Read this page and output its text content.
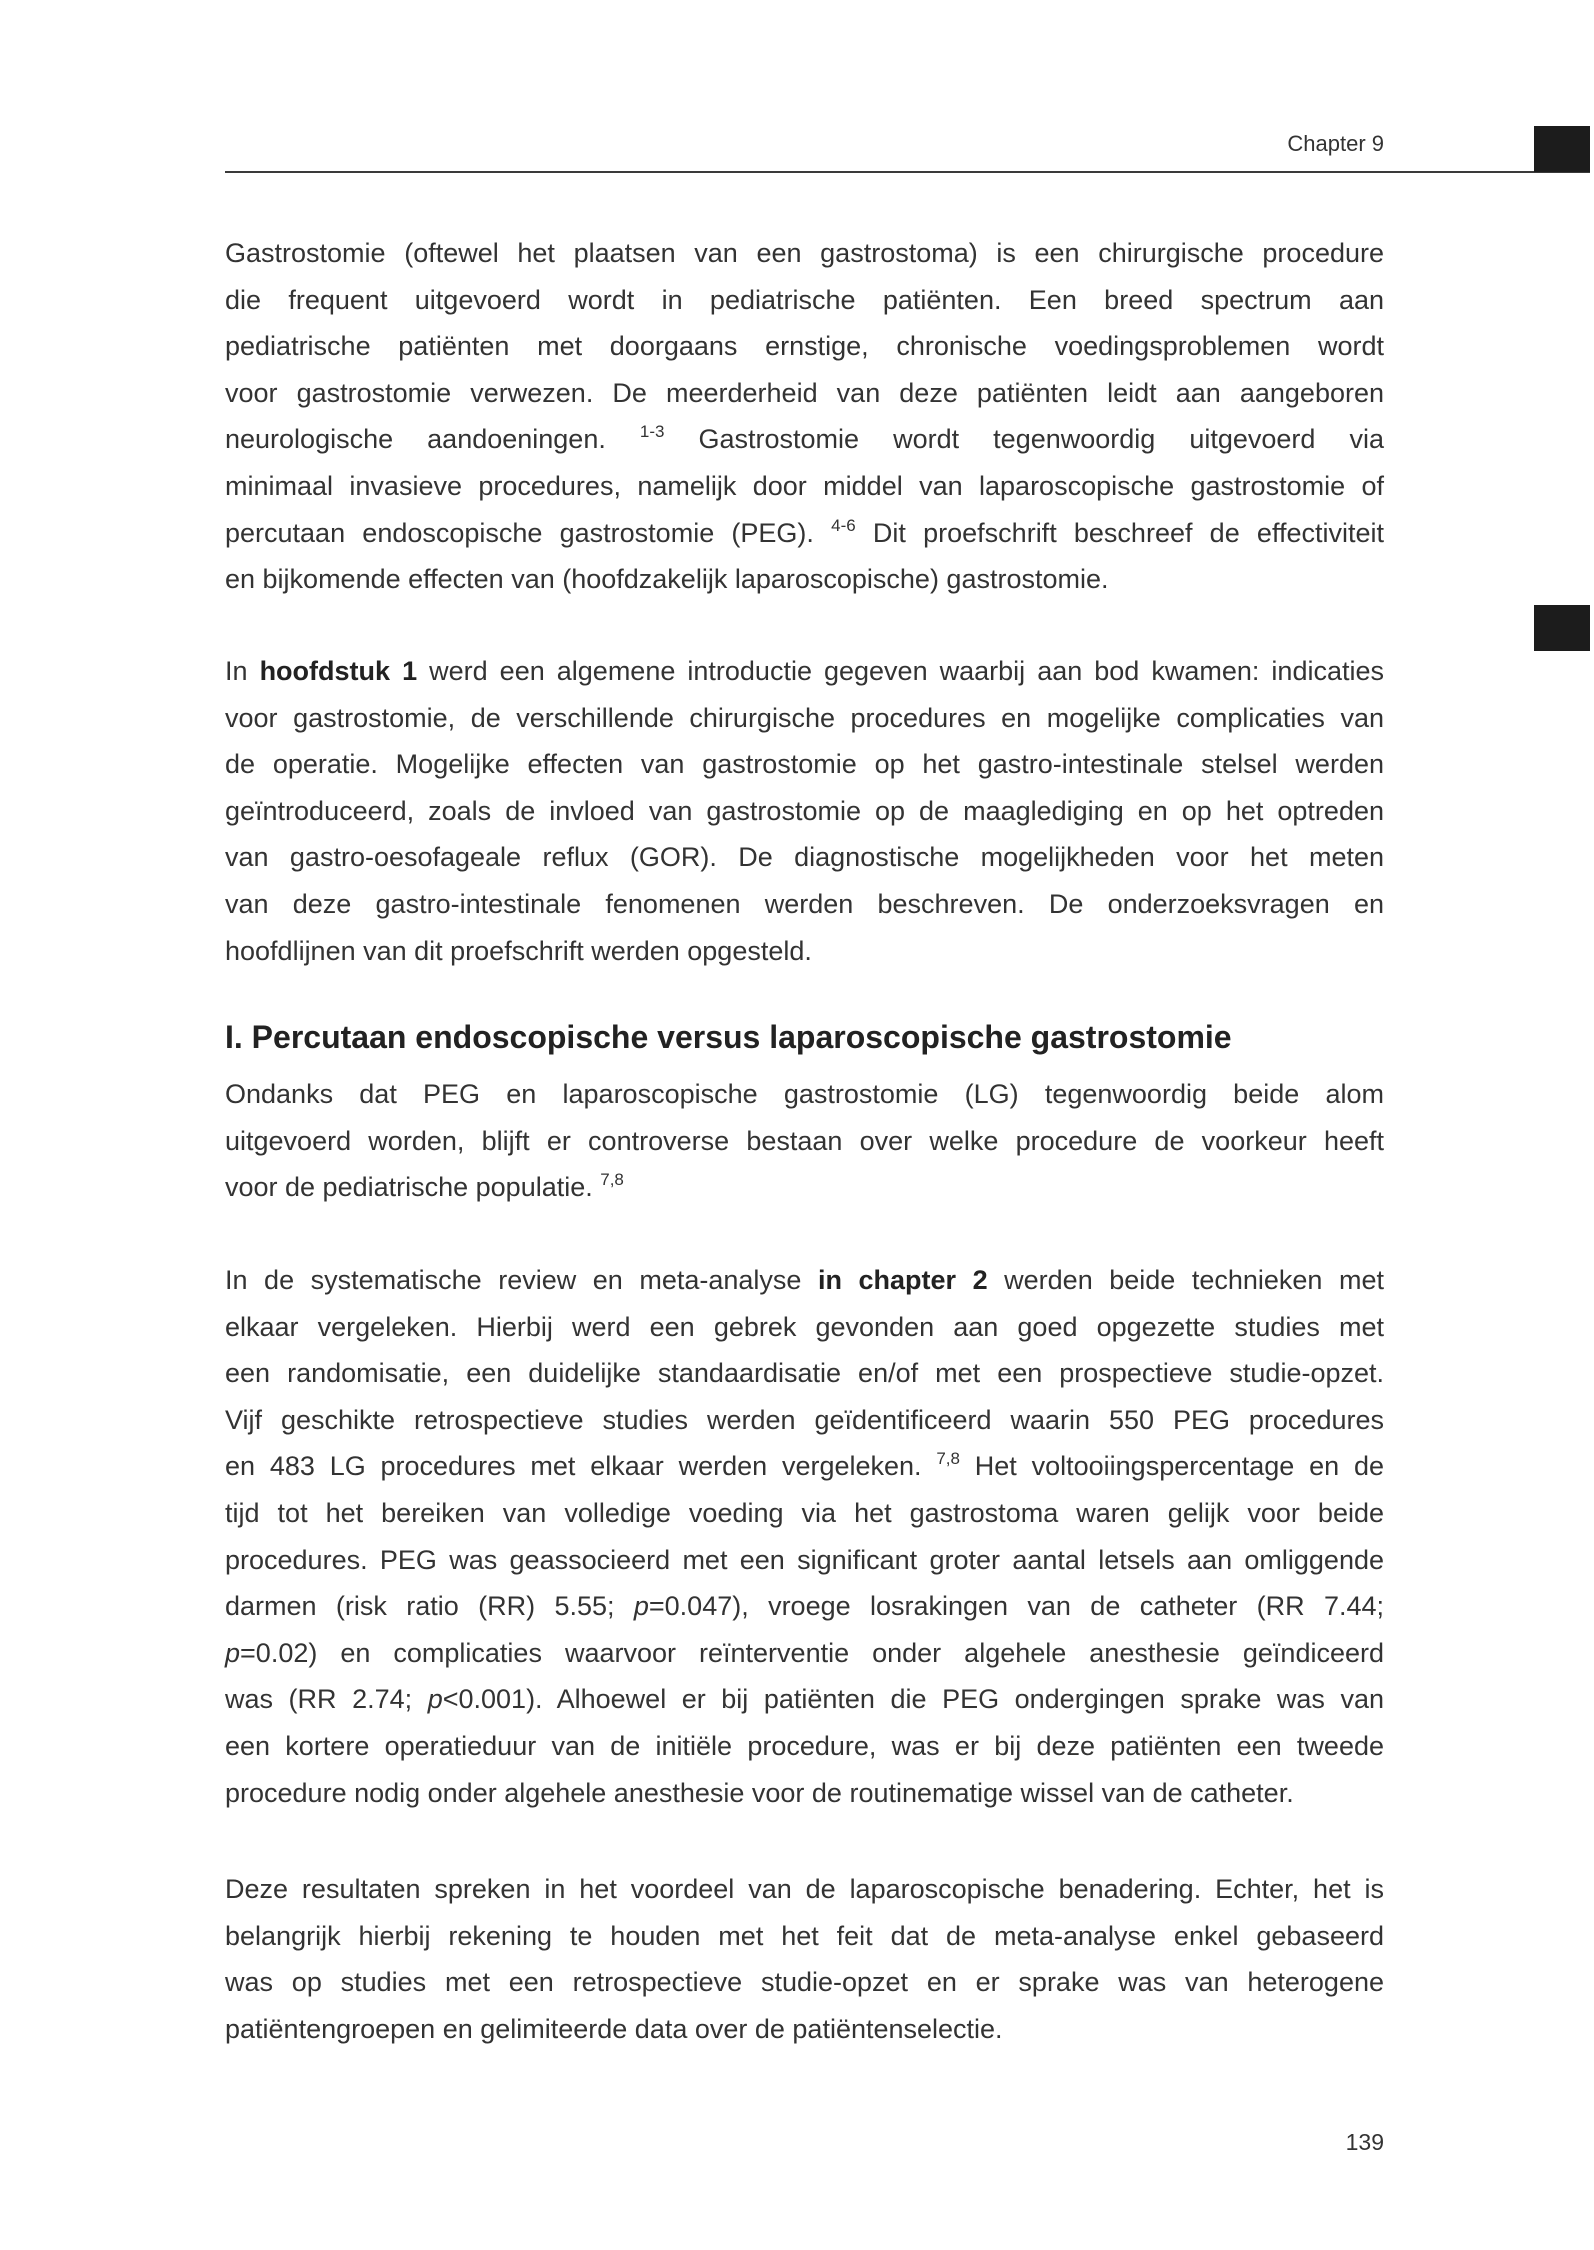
Chapter 9
Gastrostomie (oftewel het plaatsen van een gastrostoma) is een chirurgische procedure
die frequent uitgevoerd wordt in pediatrische patiënten. Een breed spectrum aan
pediatrische patiënten met doorgaans ernstige, chronische voedingsproblemen wordt
voor gastrostomie verwezen. De meerderheid van deze patiënten leidt aan aangeboren
neurologische aandoeningen. $^{1-3}$ Gastrostomie wordt tegenwoordig uitgevoerd via
minimaal invasieve procedures, namelijk door middel van laparoscopische gastrostomie of
percutaan endoscopische gastrostomie (PEG). $^{4-6}$ Dit proefschrift beschreef de effectiviteit
en bijkomende effecten van (hoofdzakelijk laparoscopische) gastrostomie.
In hoofdstuk 1 werd een algemene introductie gegeven waarbij aan bod kwamen: indicaties
voor gastrostomie, de verschillende chirurgische procedures en mogelijke complicaties van
de operatie. Mogelijke effecten van gastrostomie op het gastro-intestinale stelsel werden
geïntroduceerd, zoals de invloed van gastrostomie op de maaglediging en op het optreden
van gastro-oesofageale reflux (GOR). De diagnostische mogelijkheden voor het meten
van deze gastro-intestinale fenomenen werden beschreven. De onderzoeksvragen en
hoofdlijnen van dit proefschrift werden opgesteld.
I. Percutaan endoscopische versus laparoscopische gastrostomie
Ondanks dat PEG en laparoscopische gastrostomie (LG) tegenwoordig beide alom
uitgevoerd worden, blijft er controverse bestaan over welke procedure de voorkeur heeft
voor de pediatrische populatie. $^{7,8}$
In de systematische review en meta-analyse in chapter 2 werden beide technieken met
elkaar vergeleken. Hierbij werd een gebrek gevonden aan goed opgezette studies met
een randomisatie, een duidelijke standaardisatie en/of met een prospectieve studie-opzet.
Vijf geschikte retrospectieve studies werden geïdentificeerd waarin 550 PEG procedures
en 483 LG procedures met elkaar werden vergeleken. $^{7,8}$ Het voltooiingspercentage en de
tijd tot het bereiken van volledige voeding via het gastrostoma waren gelijk voor beide
procedures. PEG was geassocieerd met een significant groter aantal letsels aan omliggende
darmen (risk ratio (RR) 5.55; p=0.047), vroege losrakingen van de catheter (RR 7.44;
p=0.02) en complicaties waarvoor reïnterventie onder algehele anesthesie geïndiceerd
was (RR 2.74; p<0.001). Alhoewel er bij patiënten die PEG ondergingen sprake was van
een kortere operatieduur van de initiële procedure, was er bij deze patiënten een tweede
procedure nodig onder algehele anesthesie voor de routinematige wissel van de catheter.
Deze resultaten spreken in het voordeel van de laparoscopische benadering. Echter, het is
belangrijk hierbij rekening te houden met het feit dat de meta-analyse enkel gebaseerd
was op studies met een retrospectieve studie-opzet en er sprake was van heterogene
patiëntengroepen en gelimiteerde data over de patiëntenselectie.
139
